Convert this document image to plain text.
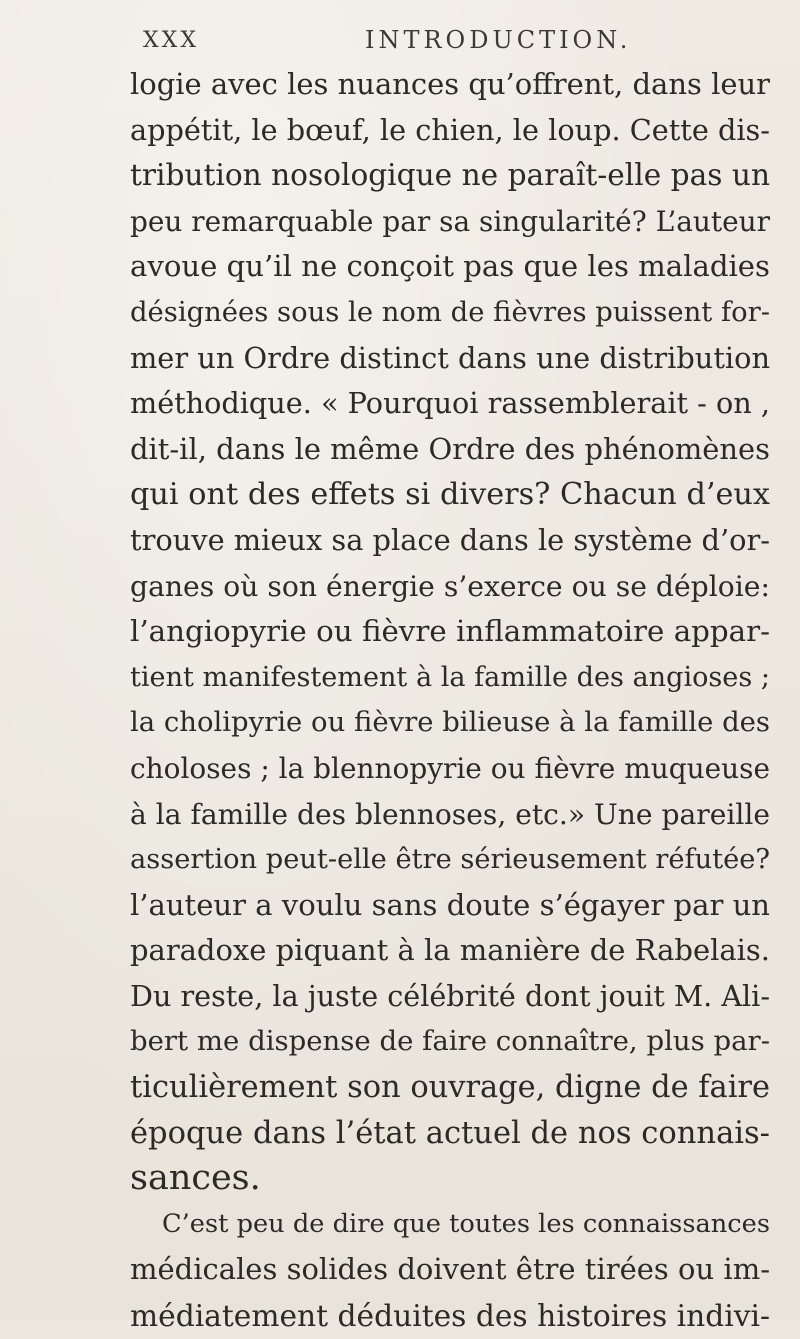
XXX	INTRODUCTION.
logie avec les nuances qu’offrent, dans leur
appétit, le bœuf, le chien, le loup. Cette dis-
tribution nosologique ne paraît-elle pas un
peu remarquable par sa singularité? L’auteur
avoue qu’il ne conçoit pas que les maladies
désignées sous le nom de fièvres puissent for-
mer un Ordre distinct dans une distribution
méthodique. « Pourquoi rassemblerait - on ,
dit-il, dans le même Ordre des phénomènes
qui ont des effets si divers? Chacun d’eux
trouve mieux sa place dans le système d’or-
ganes où son énergie s’exerce ou se déploie:
l’angiopyrie ou fièvre inflammatoire appar-
tient manifestement à la famille des angioses ;
la cholipyrie ou fièvre bilieuse à la famille des
choloses ; la blennopyrie ou fièvre muqueuse
à la famille des blennoses, etc.» Une pareille
assertion peut-elle être sérieusement réfutée?
l’auteur a voulu sans doute s’égayer par un
paradoxe piquant à la manière de Rabelais.
Du reste, la juste célébrité dont jouit M. Ali-
bert me dispense de faire connaître, plus par-
ticulièrement son ouvrage, digne de faire
époque dans l’état actuel de nos connais-
sances.
C’est peu de dire que toutes les connaissances
médicales solides doivent être tirées ou im-
médiatement déduites des histoires indivi-
